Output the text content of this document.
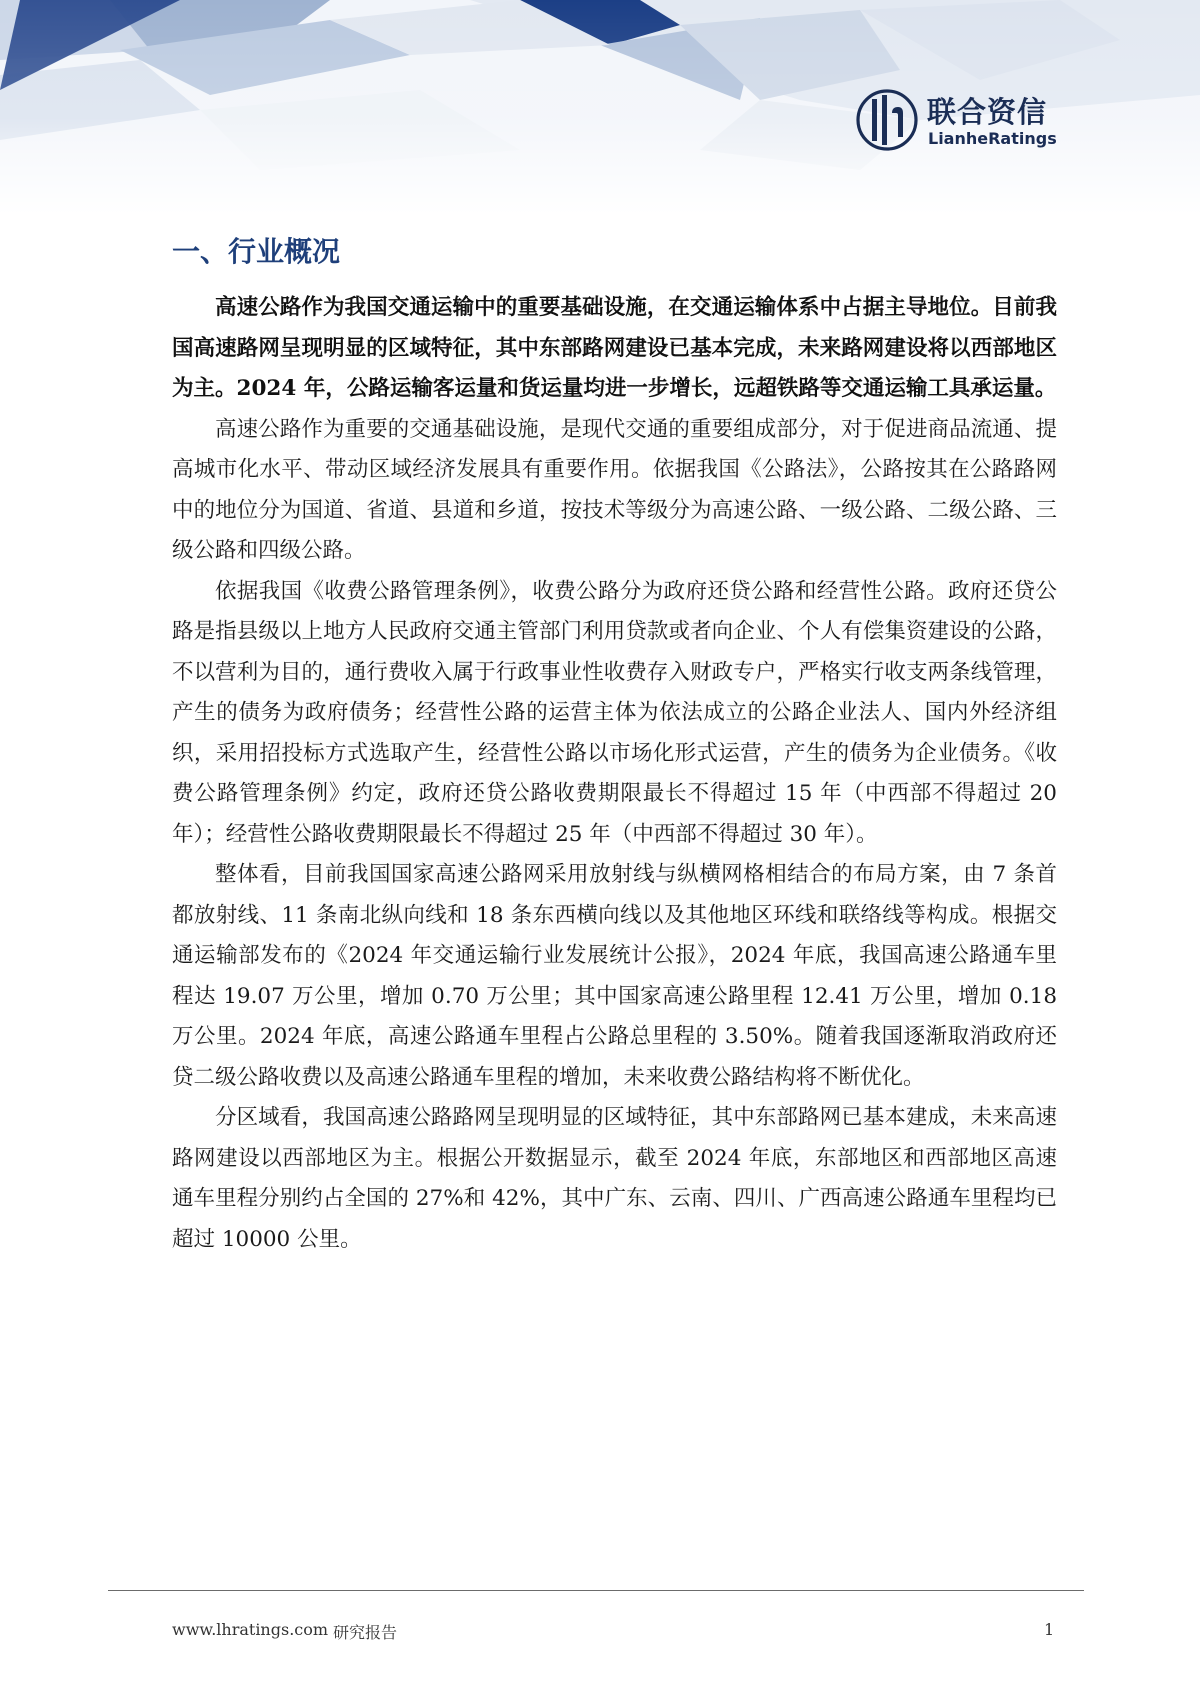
联合资信
LianheRatings
一、行业概况

高速公路作为我国交通运输中的重要基础设施，在交通运输体系中占据主导地位。目前我国高速路网呈现明显的区域特征，其中东部路网建设已基本完成，未来路网建设将以西部地区为主。2024 年，公路运输客运量和货运量均进一步增长，远超铁路等交通运输工具承运量。

高速公路作为重要的交通基础设施，是现代交通的重要组成部分，对于促进商品流通、提高城市化水平、带动区域经济发展具有重要作用。依据我国《公路法》，公路按其在公路路网中的地位分为国道、省道、县道和乡道，按技术等级分为高速公路、一级公路、二级公路、三级公路和四级公路。

依据我国《收费公路管理条例》，收费公路分为政府还贷公路和经营性公路。政府还贷公路是指县级以上地方人民政府交通主管部门利用贷款或者向企业、个人有偿集资建设的公路，不以营利为目的，通行费收入属于行政事业性收费存入财政专户，严格实行收支两条线管理，产生的债务为政府债务；经营性公路的运营主体为依法成立的公路企业法人、国内外经济组织，采用招投标方式选取产生，经营性公路以市场化形式运营，产生的债务为企业债务。《收费公路管理条例》约定，政府还贷公路收费期限最长不得超过 15 年（中西部不得超过 20 年）；经营性公路收费期限最长不得超过 25 年（中西部不得超过 30 年）。

整体看，目前我国国家高速公路网采用放射线与纵横网格相结合的布局方案，由 7 条首都放射线、11 条南北纵向线和 18 条东西横向线以及其他地区环线和联络线等构成。根据交通运输部发布的《2024 年交通运输行业发展统计公报》，2024 年底，我国高速公路通车里程达 19.07 万公里，增加 0.70 万公里；其中国家高速公路里程 12.41 万公里，增加 0.18 万公里。2024 年底，高速公路通车里程占公路总里程的 3.50%。随着我国逐渐取消政府还贷二级公路收费以及高速公路通车里程的增加，未来收费公路结构将不断优化。

分区域看，我国高速公路路网呈现明显的区域特征，其中东部路网已基本建成，未来高速路网建设以西部地区为主。根据公开数据显示，截至 2024 年底，东部地区和西部地区高速通车里程分别约占全国的 27%和 42%，其中广东、云南、四川、广西高速公路通车里程均已超过 10000 公里。

www.lhratings.com 研究报告	1
